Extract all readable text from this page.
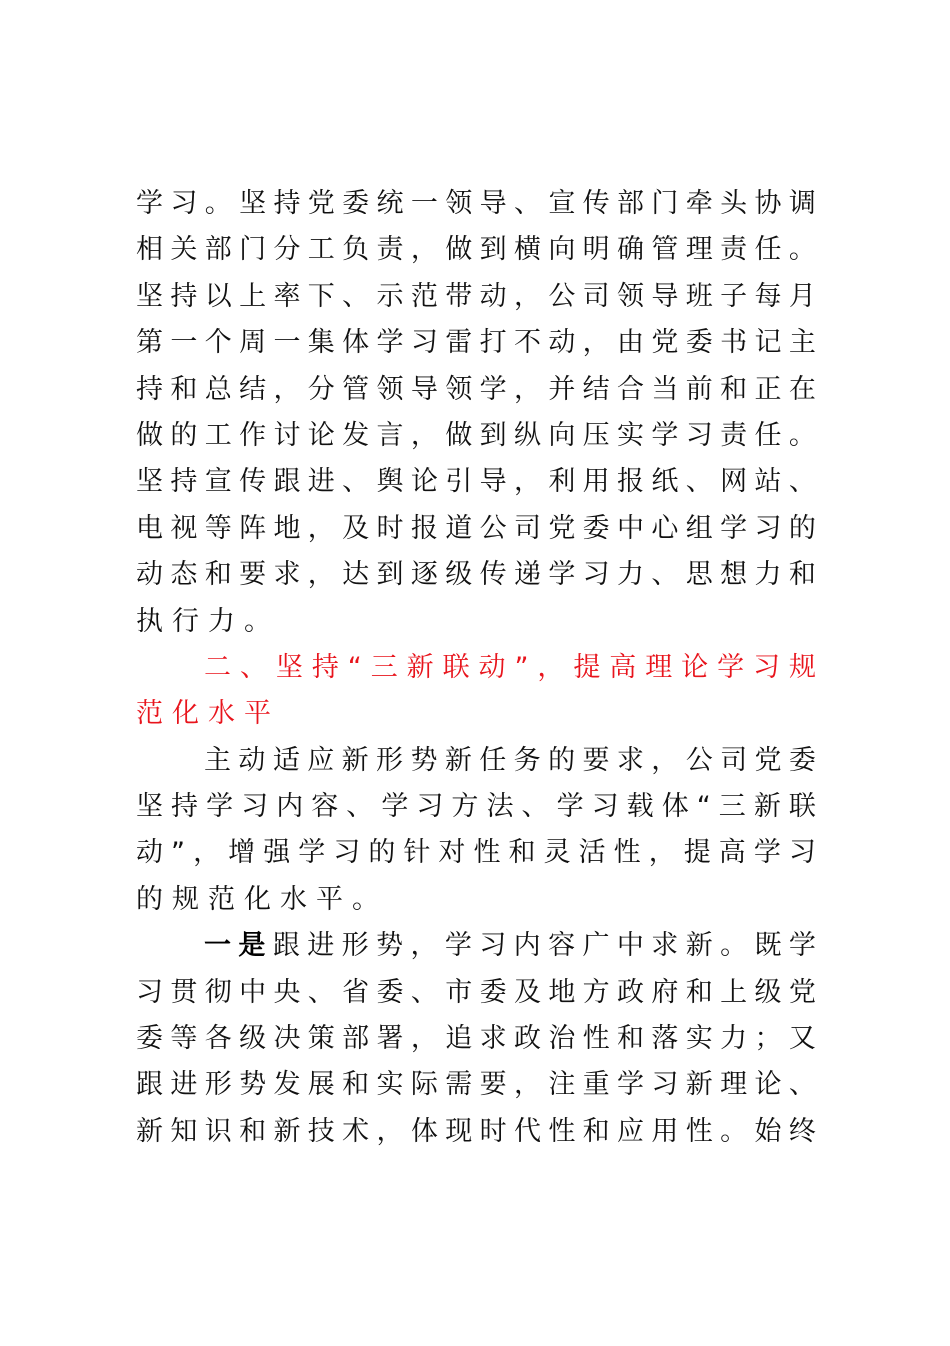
学 习 。 坚 持 党 委 统 一 领 导 、 宣 传 部 门 牵 头 协 调
相 关 部 门 分 工 负 责 ， 做 到 横 向 明 确 管 理 责 任 。
坚 持 以 上 率 下 、 示 范 带 动 ， 公 司 领 导 班 子 每 月
第 一 个 周 一 集 体 学 习 雷 打 不 动 ， 由 党 委 书 记 主
持 和 总 结 ， 分 管 领 导 领 学 ， 并 结 合 当 前 和 正 在
做 的 工 作 讨 论 发 言 ， 做 到 纵 向 压 实 学 习 责 任 。
坚 持 宣 传 跟 进 、 舆 论 引 导 ， 利 用 报 纸 、 网 站 、
电 视 等 阵 地 ， 及 时 报 道 公 司 党 委 中 心 组 学 习 的
动 态 和 要 求 ， 达 到 逐 级 传 递 学 习 力 、 思 想 力 和
执行力。
二 、 坚 持 “ 三 新 联 动 ” ， 提 高 理 论 学 习 规
范化水平
主 动 适 应 新 形 势 新 任 务 的 要 求 ， 公 司 党 委
坚 持 学 习 内 容 、 学 习 方 法 、 学 习 载 体 “ 三 新 联
动 ” ， 增 强 学 习 的 针 对 性 和 灵 活 性 ， 提 高 学 习
的规范化水平。
一 是 跟 进 形 势 ， 学 习 内 容 广 中 求 新 。 既 学
习 贯 彻 中 央 、 省 委 、 市 委 及 地 方 政 府 和 上 级 党
委 等 各 级 决 策 部 署 ， 追 求 政 治 性 和 落 实 力 ； 又
跟 进 形 势 发 展 和 实 际 需 要 ， 注 重 学 习 新 理 论 、
新 知 识 和 新 技 术 ， 体 现 时 代 性 和 应 用 性 。 始 终
